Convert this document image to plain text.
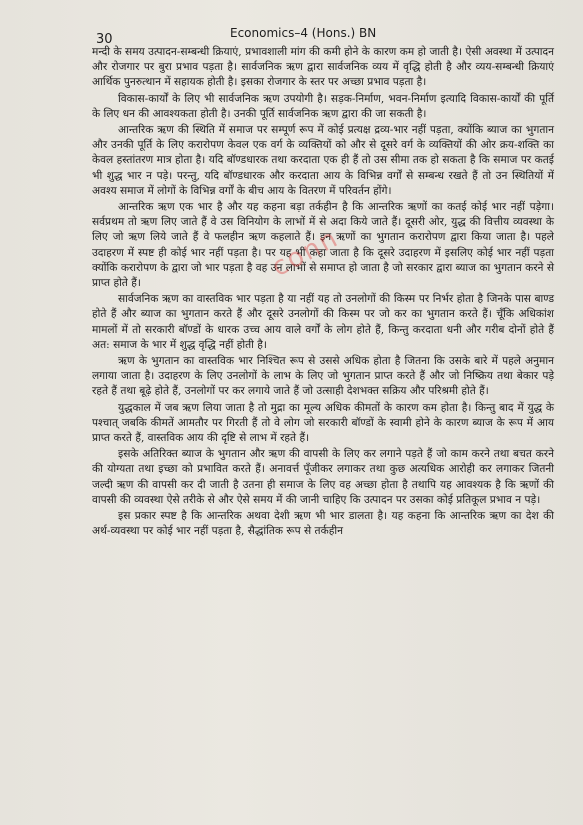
30	Economics–4 (Hons.) BN

मन्दी के समय उत्पादन-सम्बन्धी क्रियाएं, प्रभावशाली मांग की कमी होने के कारण कम हो जाती है। ऐसी अवस्था में उत्पादन और रोजगार पर बुरा प्रभाव पड़ता है। सार्वजनिक ऋण द्वारा सार्वजनिक व्यय में वृद्धि होती है और व्यय-सम्बन्धी क्रियाएं आर्थिक पुनरुत्थान में सहायक होती है। इसका रोजगार के स्तर पर अच्छा प्रभाव पड़ता है।

विकास-कार्यों के लिए भी सार्वजनिक ऋण उपयोगी है। सड़क-निर्माण, भवन-निर्माण इत्यादि विकास-कार्यों की पूर्ति के लिए धन की आवश्यकता होती है। उनकी पूर्ति सार्वजनिक ऋण द्वारा की जा सकती है।

आन्तरिक ऋण की स्थिति में समाज पर सम्पूर्ण रूप में कोई प्रत्यक्ष द्रव्य-भार नहीं पड़ता, क्योंकि ब्याज का भुगतान और उनकी पूर्ति के लिए करारोपण केवल एक वर्ग के व्यक्तियों को और से दूसरे वर्ग के व्यक्तियों की ओर क्रय-शक्ति का केवल हस्तांतरण मात्र होता है। यदि बॉण्डधारक तथा करदाता एक ही हैं तो उस सीमा तक हो सकता है कि समाज पर कतई भी शुद्ध भार न पड़े। परन्तु, यदि बॉण्डधारक और करदाता आय के विभिन्न वर्गों से सम्बन्ध रखते हैं तो उन स्थितियों में अवश्य समाज में लोगों के विभिन्न वर्गों के बीच आय के वितरण में परिवर्तन होंगे।

आन्तरिक ऋण एक भार है और यह कहना बड़ा तर्कहीन है कि आन्तरिक ऋणों का कतई कोई भार नहीं पड़ेगा। सर्वप्रथम तो ऋण लिए जाते हैं वे उस विनियोग के लाभों में से अदा किये जाते हैं। दूसरी ओर, युद्ध की वित्तीय व्यवस्था के लिए जो ऋण लिये जाते हैं वे फलहीन ऋण कहलाते हैं। इन ऋणों का भुगतान करारोपण द्वारा किया जाता है। पहले उदाहरण में स्पष्ट ही कोई भार नहीं पड़ता है। पर यह भी कहा जाता है कि दूसरे उदाहरण में इसलिए कोई भार नहीं पड़ता क्योंकि करारोपण के द्वारा जो भार पड़ता है वह उन लाभों से समाप्त हो जाता है जो सरकार द्वारा ब्याज का भुगतान करने से प्राप्त होते हैं।

सार्वजनिक ऋण का वास्तविक भार पड़ता है या नहीं यह तो उनलोगों की किस्म पर निर्भर होता है जिनके पास बाण्ड होते हैं और ब्याज का भुगतान करते हैं और दूसरे उनलोगों की किस्म पर जो कर का भुगतान करते हैं। चूँकि अधिकांश मामलों में तो सरकारी बॉण्डों के धारक उच्च आय वाले वर्गों के लोग होते हैं, किन्तु करदाता धनी और गरीब दोनों होते हैं अत: समाज के भार में शुद्ध वृद्धि नहीं होती है।

ऋण के भुगतान का वास्तविक भार निश्चित रूप से उससे अधिक होता है जितना कि उसके बारे में पहले अनुमान लगाया जाता है। उदाहरण के लिए उनलोगों के लाभ के लिए जो भुगतान प्राप्त करते हैं और जो निष्क्रिय तथा बेकार पड़े रहते हैं तथा बूढ़े होते हैं, उनलोगों पर कर लगाये जाते हैं जो उत्साही देशभक्त सक्रिय और परिश्रमी होते हैं।

युद्धकाल में जब ऋण लिया जाता है तो मुद्रा का मूल्य अधिक कीमतों के कारण कम होता है। किन्तु बाद में युद्ध के पश्चात् जबकि कीमतें आमतौर पर गिरती हैं तो वे लोग जो सरकारी बॉण्डों के स्वामी होने के कारण ब्याज के रूप में आय प्राप्त करते हैं, वास्तविक आय की दृष्टि से लाभ में रहते हैं।

इसके अतिरिक्त ब्याज के भुगतान और ऋण की वापसी के लिए कर लगाने पड़ते हैं जो काम करने तथा बचत करने की योग्यता तथा इच्छा को प्रभावित करते हैं। अनावर्त्त पूँजीकर लगाकर तथा कुछ अत्यधिक आरोही कर लगाकर जितनी जल्दी ऋण की वापसी कर दी जाती है उतना ही समाज के लिए वह अच्छा होता है तथापि यह आवश्यक है कि ऋणों की वापसी की व्यवस्था ऐसे तरीके से और ऐसे समय में की जानी चाहिए कि उत्पादन पर उसका कोई प्रतिकूल प्रभाव न पड़े।

इस प्रकार स्पष्ट है कि आन्तरिक अथवा देशी ऋण भी भार डालता है। यह कहना कि आन्तरिक ऋण का देश की अर्थ-व्यवस्था पर कोई भार नहीं पड़ता है, सैद्धांतिक रूप से तर्कहीन

conn
